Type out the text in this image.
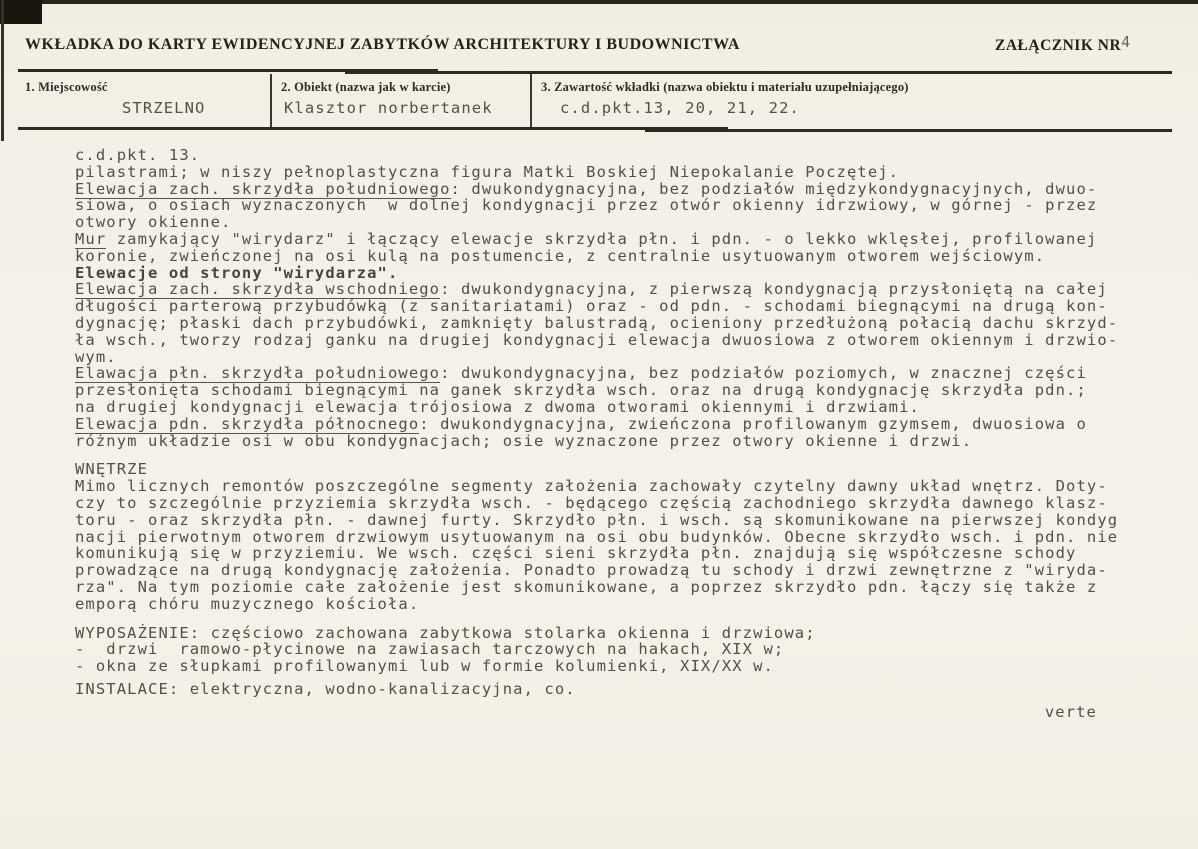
WKŁADKA DO KARTY EWIDENCYJNEJ ZABYTKÓW ARCHITEKTURY I BUDOWNICTWA	ZAŁĄCZNIK NR4
1. Miejscowość
STRZELNO
2. Obiekt (nazwa jak w karcie)
Klasztor norbertanek
3. Zawartość wkładki (nazwa obiektu i materiału uzupełniającego)
c.d.pkt.13, 20, 21, 22.
c.d.pkt. 13.
pilastrami; w niszy pełnoplastyczna figura Matki Boskiej Niepokalanie Poczętej.
Elewacja zach. skrzydła południowego: dwukondygnacyjna, bez podziałów międzykondygnacyjnych, dwuo-
siowa, o osiach wyznaczonych  w dolnej kondygnacji przez otwór okienny idrzwiowy, w górnej - przez
otwory okienne.
Mur zamykający "wirydarz" i łączący elewacje skrzydła płn. i pdn. - o lekko wklęsłej, profilowanej
koronie, zwieńczonej na osi kulą na postumencie, z centralnie usytuowanym otworem wejściowym.
Elewacje od strony "wirydarza".
Elewacja zach. skrzydła wschodniego: dwukondygnacyjna, z pierwszą kondygnacją przysłoniętą na całej
długości parterową przybudówką (z sanitariatami) oraz - od pdn. - schodami biegnącymi na drugą kon-
dygnację; płaski dach przybudówki, zamknięty balustradą, ocieniony przedłużoną połacią dachu skrzyd-
ła wsch., tworzy rodzaj ganku na drugiej kondygnacji elewacja dwuosiowa z otworem okiennym i drzwio-
wym.
Elawacja płn. skrzydła południowego: dwukondygnacyjna, bez podziałów poziomych, w znacznej części
przesłonięta schodami biegnącymi na ganek skrzydła wsch. oraz na drugą kondygnację skrzydła pdn.;
na drugiej kondygnacji elewacja trójosiowa z dwoma otworami okiennymi i drzwiami.
Elewacja pdn. skrzydła północnego: dwukondygnacyjna, zwieńczona profilowanym gzymsem, dwuosiowa o
różnym układzie osi w obu kondygnacjach; osie wyznaczone przez otwory okienne i drzwi.
WNĘTRZE
Mimo licznych remontów poszczególne segmenty założenia zachowały czytelny dawny układ wnętrz. Doty-
czy to szczególnie przyziemia skrzydła wsch. - będącego częścią zachodniego skrzydła dawnego klasz-
toru - oraz skrzydła płn. - dawnej furty. Skrzydło płn. i wsch. są skomunikowane na pierwszej kondyg
nacji pierwotnym otworem drzwiowym usytuowanym na osi obu budynków. Obecne skrzydło wsch. i pdn. nie
komunikują się w przyziemiu. We wsch. części sieni skrzydła płn. znajdują się współczesne schody
prowadzące na drugą kondygnację założenia. Ponadto prowadzą tu schody i drzwi zewnętrzne z "wiryda-
rza". Na tym poziomie całe założenie jest skomunikowane, a poprzez skrzydło pdn. łączy się także z
emporą chóru muzycznego kościoła.
WYPOSAŻENIE: częściowo zachowana zabytkowa stolarka okienna i drzwiowa;
-  drzwi  ramowo-płycinowe na zawiasach tarczowych na hakach, XIX w;
- okna ze słupkami profilowanymi lub w formie kolumienki, XIX/XX w.
INSTALACE: elektryczna, wodno-kanalizacyjna, co.
verte
